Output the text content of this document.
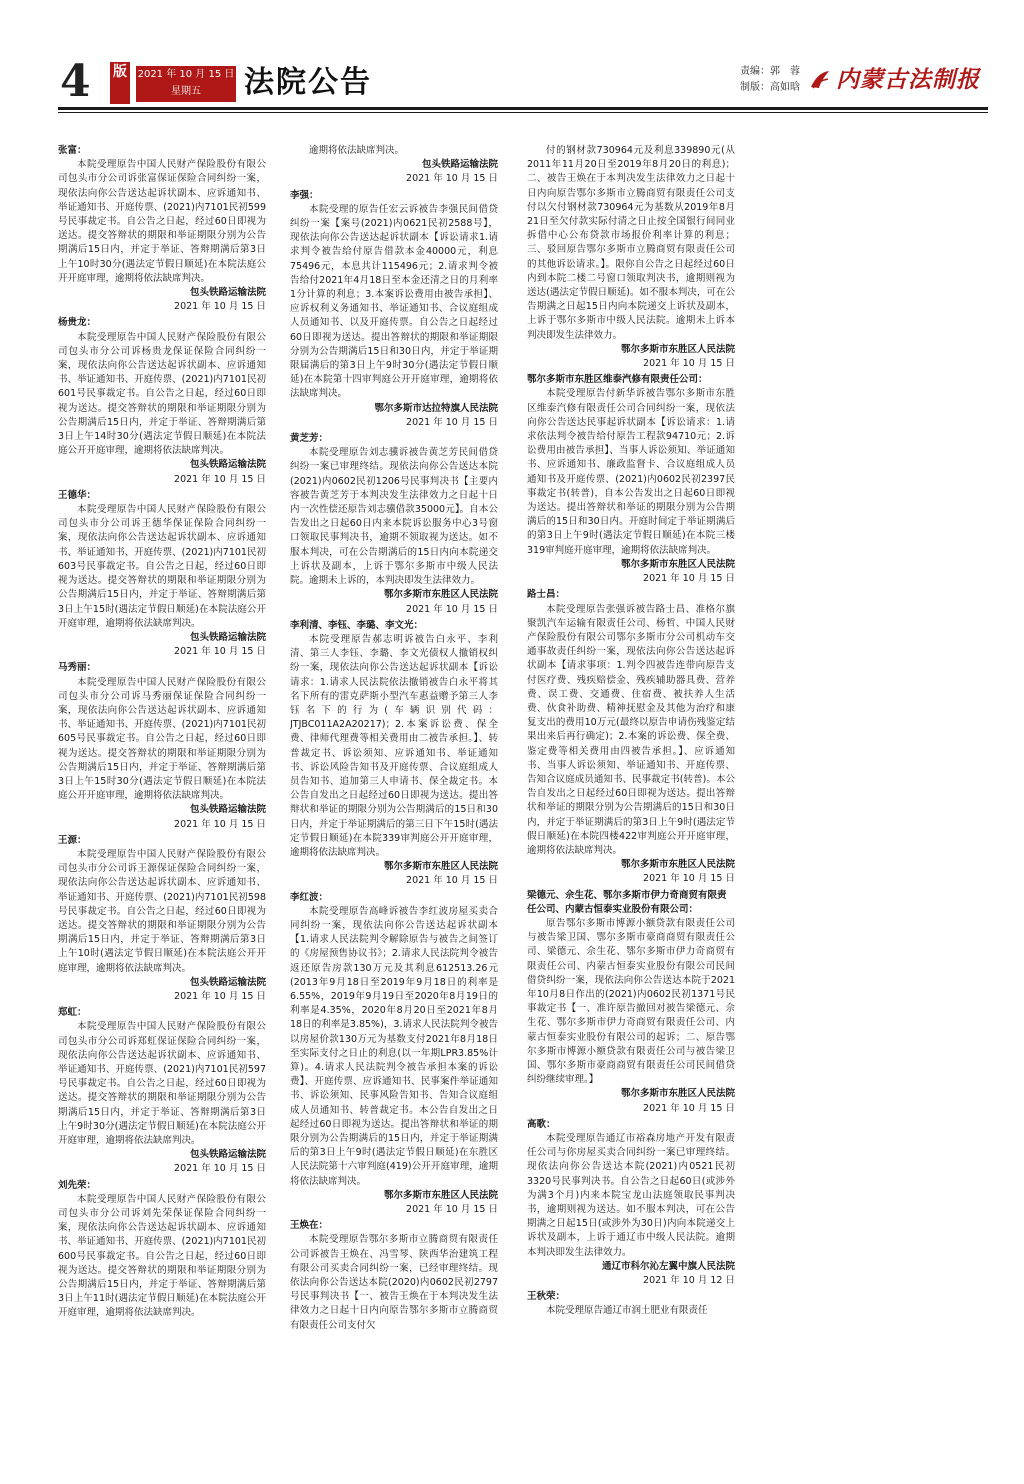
4	版	2021 年 10 月 15 日
星期五	法院公告	责编：郭　蓉
制版：高如晗 内蒙古法制报

张富：

本院受理原告中国人民财产保险股份有限公司包头市分公司诉张富保证保险合同纠纷一案，现依法向你公告送达起诉状副本、应诉通知书、举证通知书、开庭传票、(2021)内7101民初599号民事裁定书。自公告之日起，经过60日即视为送达。提交答辩状的期限和举证期限分别为公告期满后15日内，并定于举证、答辩期满后第3日上午10时30分(遇法定节假日顺延)在本院法庭公开开庭审理，逾期将依法缺席判决。

包头铁路运输法院

2021 年 10 月 15 日

杨贵龙：

本院受理原告中国人民财产保险股份有限公司包头市分公司诉杨贵龙保证保险合同纠纷一案，现依法向你公告送达起诉状副本、应诉通知书、举证通知书、开庭传票、(2021)内7101民初601号民事裁定书。自公告之日起，经过60日即视为送达。提交答辩状的期限和举证期限分别为公告期满后15日内，并定于举证、答辩期满后第3日上午14时30分(遇法定节假日顺延)在本院法庭公开开庭审理，逾期将依法缺席判决。

包头铁路运输法院

2021 年 10 月 15 日

王德华：

本院受理原告中国人民财产保险股份有限公司包头市分公司诉王德华保证保险合同纠纷一案，现依法向你公告送达起诉状副本、应诉通知书、举证通知书、开庭传票、(2021)内7101民初603号民事裁定书。自公告之日起，经过60日即视为送达。提交答辩状的期限和举证期限分别为公告期满后15日内，并定于举证、答辩期满后第3日上午15时(遇法定节假日顺延)在本院法庭公开开庭审理，逾期将依法缺席判决。

包头铁路运输法院

2021 年 10 月 15 日

马秀丽：

本院受理原告中国人民财产保险股份有限公司包头市分公司诉马秀丽保证保险合同纠纷一案，现依法向你公告送达起诉状副本、应诉通知书、举证通知书、开庭传票、(2021)内7101民初605号民事裁定书。自公告之日起，经过60日即视为送达。提交答辩状的期限和举证期限分别为公告期满后15日内，并定于举证、答辩期满后第3日上午15时30分(遇法定节假日顺延)在本院法庭公开开庭审理，逾期将依法缺席判决。

包头铁路运输法院

2021 年 10 月 15 日

王源：

本院受理原告中国人民财产保险股份有限公司包头市分公司诉王源保证保险合同纠纷一案，现依法向你公告送达起诉状副本、应诉通知书、举证通知书、开庭传票、(2021)内7101民初598号民事裁定书。自公告之日起，经过60日即视为送达。提交答辩状的期限和举证期限分别为公告期满后15日内，并定于举证、答辩期满后第3日上午10时(遇法定节假日顺延)在本院法庭公开开庭审理，逾期将依法缺席判决。

包头铁路运输法院

2021 年 10 月 15 日

郑虹：

本院受理原告中国人民财产保险股份有限公司包头市分公司诉郑虹保证保险合同纠纷一案，现依法向你公告送达起诉状副本、应诉通知书、举证通知书、开庭传票、(2021)内7101民初597号民事裁定书。自公告之日起，经过60日即视为送达。提交答辩状的期限和举证期限分别为公告期满后15日内，并定于举证、答辩期满后第3日上午9时30分(遇法定节假日顺延)在本院法庭公开开庭审理，逾期将依法缺席判决。

包头铁路运输法院

2021 年 10 月 15 日

刘先荣：

本院受理原告中国人民财产保险股份有限公司包头市分公司诉刘先荣保证保险合同纠纷一案，现依法向你公告送达起诉状副本、应诉通知书、举证通知书、开庭传票、(2021)内7101民初600号民事裁定书。自公告之日起，经过60日即视为送达。提交答辩状的期限和举证期限分别为公告期满后15日内，并定于举证、答辩期满后第3日上午11时(遇法定节假日顺延)在本院法庭公开开庭审理，逾期将依法缺席判决。

逾期将依法缺席判决。

包头铁路运输法院

2021 年 10 月 15 日

李强：

本院受理的原告任宏云诉被告李强民间借贷纠纷一案【案号(2021)内0621民初2588号】，现依法向你公告送达起诉状副本【诉讼请求1.请求判令被告给付原告借款本金40000元，利息75496元，本息共计115496元；2.请求判令被告给付2021年4月18日至本金还清之日的月利率1分计算的利息；3.本案诉讼费用由被告承担】、应诉权利义务通知书、举证通知书、合议庭组成人员通知书、以及开庭传票。自公告之日起经过60日即视为送达。提出答辩状的期限和举证期限分别为公告期满后15日和30日内，并定于举证期限届满后的第3日上午9时30分(遇法定节假日顺延)在本院第十四审判庭公开开庭审理，逾期将依法缺席判决。

鄂尔多斯市达拉特旗人民法院

2021 年 10 月 15 日

黄芝芳：

本院受理原告刘志骥诉被告黄芝芳民间借贷纠纷一案已审理终结。现依法向你公告送达本院(2021)内0602民初1206号民事判决书【主要内容被告黄芝芳于本判决发生法律效力之日起十日内一次性偿还原告刘志骥借款35000元】。自本公告发出之日起60日内来本院诉讼服务中心3号窗口领取民事判决书，逾期不领取视为送达。如不服本判决，可在公告期满后的15日内向本院递交上诉状及副本，上诉于鄂尔多斯市中级人民法院。逾期未上诉的，本判决即发生法律效力。

鄂尔多斯市东胜区人民法院

2021 年 10 月 15 日

李利清、李钰、李璐、李文光：

本院受理原告郝志明诉被告白永平、李利清、第三人李钰、李璐、李文光债权人撤销权纠纷一案，现依法向你公告送达起诉状副本【诉讼请求：1.请求人民法院依法撤销被告白永平将其名下所有的雷克萨斯小型汽车惠益赠予第三人李钰名下的行为(车辆识别代码：JTJBC011A2A20217)；2.本案诉讼费、保全费、律师代理费等相关费用由二被告承担。】、转普裁定书、诉讼须知、应诉通知书、举证通知书、诉讼风险告知书及开庭传票、合议庭组成人员告知书、追加第三人申请书、保全裁定书。本公告自发出之日起经过60日即视为送达。提出答辩状和举证的期限分别为公告期满后的15日和30日内，并定于举证期满后的第三日下午15时(遇法定节假日顺延)在本院339审判庭公开开庭审理，逾期将依法缺席判决。

鄂尔多斯市东胜区人民法院

2021 年 10 月 15 日

李红波：

本院受理原告高峰诉被告李红波房屋买卖合同纠纷一案，现依法向你公告送达起诉状副本【1.请求人民法院判令解除原告与被告之间签订的《房屋预售协议书》；2.请求人民法院判令被告返还原告房款130万元及其利息612513.26元(2013年9月18日至2019年9月18日的利率是6.55%，2019年9月19日至2020年8月19日的利率是4.35%，2020年8月20日至2021年8月18日的利率是3.85%)，3.请求人民法院判令被告以房屋价款130万元为基数支付2021年8月18日至实际支付之日止的利息(以一年期LPR3.85%计算)。4.请求人民法院判令被告承担本案的诉讼费】、开庭传票、应诉通知书、民事案件举证通知书、诉讼须知、民事风险告知书、告知合议庭组成人员通知书、转普裁定书。本公告自发出之日起经过60日即视为送达。提出答辩状和举证的期限分别为公告期满后的15日内，并定于举证期满后的第3日上午9时(遇法定节假日顺延)在东胜区人民法院第十六审判庭(419)公开开庭审理，逾期将依法缺席判决。

鄂尔多斯市东胜区人民法院

2021 年 10 月 15 日

王焕在：

本院受理原告鄂尔多斯市立腾商贸有限责任公司诉被告王焕在、冯雪琴、陕西华治建筑工程有限公司买卖合同纠纷一案，已经审理终结。现依法向你公告送达本院(2020)内0602民初2797号民事判决书【一、被告王焕在于本判决发生法律效力之日起十日内向原告鄂尔多斯市立腾商贸有限责任公司支付欠

付的钢材款730964元及利息339890元(从2011年11月20日至2019年8月20日的利息)；二、被告王焕在于本判决发生法律效力之日起十日内向原告鄂尔多斯市立腾商贸有限责任公司支付以欠付钢材款730964元为基数从2019年8月21日至欠付款实际付清之日止按全国银行间同业拆借中心公布贷款市场报价利率计算的利息；三、驳回原告鄂尔多斯市立腾商贸有限责任公司的其他诉讼请求。】。限你自公告之日起经过60日内到本院二楼二号窗口领取判决书，逾期则视为送达(遇法定节假日顺延)。如不服本判决，可在公告期满之日起15日内向本院递交上诉状及副本，上诉于鄂尔多斯市中级人民法院。逾期未上诉本判决即发生法律效力。

鄂尔多斯市东胜区人民法院

2021 年 10 月 15 日

鄂尔多斯市东胜区维泰汽修有限责任公司：

本院受理原告付新华诉被告鄂尔多斯市东胜区维泰汽修有限责任公司合同纠纷一案，现依法向你公告送达民事起诉状副本【诉讼请求：1.请求依法判令被告给付原告工程款94710元；2.诉讼费用由被告承担】、当事人诉讼须知、举证通知书、应诉通知书、廉政监督卡、合议庭组成人员通知书及开庭传票、(2021)内0602民初2397民事裁定书(转普)，自本公告发出之日起60日即视为送达。提出答辩状和举证的期限分别为公告期满后的15日和30日内。开庭时间定于举证期满后的第3日上午9时(遇法定节假日顺延)在本院三楼319审判庭开庭审理，逾期将依法缺席判决。

鄂尔多斯市东胜区人民法院

2021 年 10 月 15 日

路士昌：

本院受理原告张强诉被告路士昌、准格尔旗聚凯汽车运输有限责任公司、杨哲、中国人民财产保险股份有限公司鄂尔多斯市分公司机动车交通事故责任纠纷一案，现依法向你公告送达起诉状副本【请求事项：1.判令四被告连带向原告支付医疗费、残疾赔偿金、残疾辅助器具费、营养费、误工费、交通费、住宿费、被扶养人生活费、伙食补助费、精神抚慰金及其他为治疗和康复支出的费用10万元(最终以原告申请伤残鉴定结果出来后再行确定)；2.本案的诉讼费、保全费、鉴定费等相关费用由四被告承担。】、应诉通知书、当事人诉讼须知、举证通知书、开庭传票、告知合议庭成员通知书、民事裁定书(转普)。本公告自发出之日起经过60日即视为送达。提出答辩状和举证的期限分别为公告期满后的15日和30日内，并定于举证期满后的第3日上午9时(遇法定节假日顺延)在本院四楼422审判庭公开开庭审理，逾期将依法缺席判决。

鄂尔多斯市东胜区人民法院

2021 年 10 月 15 日

梁德元、佘生花、鄂尔多斯市伊力奇商贸有限责任公司、内蒙古恒泰实业股份有限公司：

原告鄂尔多斯市博源小额贷款有限责任公司与被告梁卫国、鄂尔多斯市豪商商贸有限责任公司、梁德元、佘生花、鄂尔多斯市伊力奇商贸有限责任公司、内蒙古恒泰实业股份有限公司民间借贷纠纷一案，现依法向你公告送达本院于2021年10月8日作出的(2021)内0602民初1371号民事裁定书【一、准许原告撤回对被告梁德元、佘生花、鄂尔多斯市伊力奇商贸有限责任公司、内蒙古恒泰实业股份有限公司的起诉；二、原告鄂尔多斯市博源小额贷款有限责任公司与被告梁卫国、鄂尔多斯市豪商商贸有限责任公司民间借贷纠纷继续审理。】

鄂尔多斯市东胜区人民法院

2021 年 10 月 15 日

高歌：

本院受理原告通辽市裕森房地产开发有限责任公司与你房屋买卖合同纠纷一案已审理终结。现依法向你公告送达本院(2021)内0521民初3320号民事判决书。自公告之日起60日(或涉外为满3个月)内来本院宝龙山法庭领取民事判决书，逾期则视为送达。如不服本判决，可在公告期满之日起15日(或涉外为30日)内向本院递交上诉状及副本，上诉于通辽市中级人民法院。逾期本判决即发生法律效力。

通辽市科尔沁左翼中旗人民法院

2021 年 10 月 12 日

王秋荣：

本院受理原告通辽市润土肥业有限责任
